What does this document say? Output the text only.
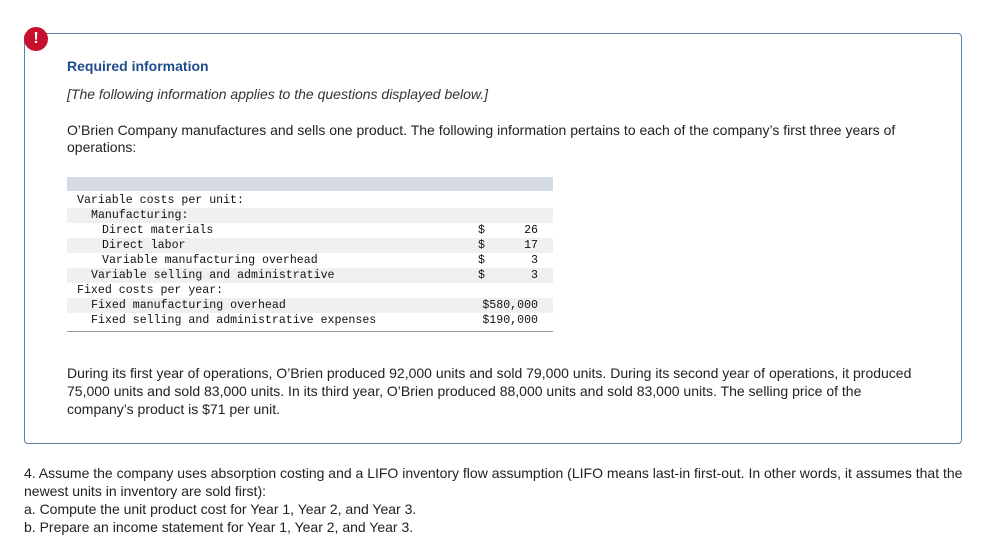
!
Required information
[The following information applies to the questions displayed below.]
O’Brien Company manufactures and sells one product. The following information pertains to each of the company’s first three years of operations:
Variable costs per unit:
Manufacturing:
Direct materials	$	26
Direct labor	$	17
Variable manufacturing overhead	$	3
Variable selling and administrative	$	3
Fixed costs per year:
Fixed manufacturing overhead	$580,000
Fixed selling and administrative expenses	$190,000
During its first year of operations, O’Brien produced 92,000 units and sold 79,000 units. During its second year of operations, it produced 75,000 units and sold 83,000 units. In its third year, O’Brien produced 88,000 units and sold 83,000 units. The selling price of the company’s product is $71 per unit.
4. Assume the company uses absorption costing and a LIFO inventory flow assumption (LIFO means last-in first-out. In other words, it assumes that the newest units in inventory are sold first):
a. Compute the unit product cost for Year 1, Year 2, and Year 3.
b. Prepare an income statement for Year 1, Year 2, and Year 3.
